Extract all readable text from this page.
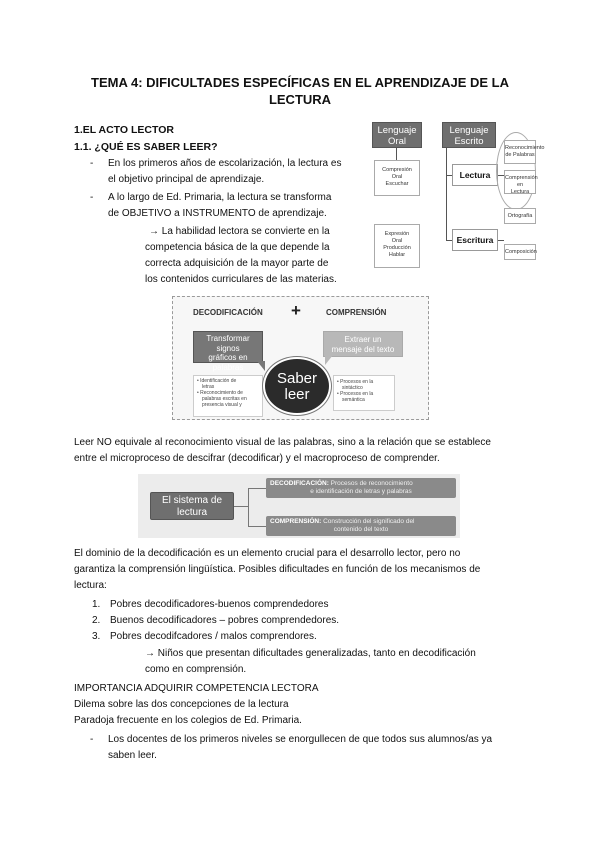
TEMA 4: DIFICULTADES ESPECÍFICAS EN EL APRENDIZAJE DE LA
LECTURA
1.EL ACTO LECTOR
1.1. ¿QUÉ ES SABER LEER?
- En los primeros años de escolarización, la lectura es
el objetivo principal de aprendizaje.
- A lo largo de Ed. Primaria, la lectura se transforma
de OBJETIVO a INSTRUMENTO de aprendizaje.
→ La habilidad lectora se convierte en la
competencia básica de la que depende la
correcta adquisición de la mayor parte de
los contenidos curriculares de las materias.
Lenguaje
Oral
Lenguaje
Escrito
Compresión
Oral
Escuchar
Expresión
Oral
Producción
Hablar
Lectura
Escritura
Reconocimiento
de Palabras
Comprensión en
Lectura
Ortografía
Composición
DECODIFICACIÓN +	COMPRENSIÓN
Transformar signos
gráficos en
palabras
Extraer un
mensaje del texto
• Identificación de
letras
• Reconocimiento de
palabras escritas en
presencia visual y
Saber
leer
• Procesos en la
sintáctico
• Procesos en la
semántica
Leer NO equivale al reconocimiento visual de las palabras, sino a la relación que se establece
entre el microproceso de descifrar (decodificar) y el macroproceso de comprender.
El sistema de
lectura
DECODIFICACIÓN: Procesos de reconocimiento
e identificación de letras y palabras
COMPRENSIÓN: Construcción del significado del
contenido del texto
El dominio de la decodificación es un elemento crucial para el desarrollo lector, pero no
garantiza la comprensión lingüística. Posibles dificultades en función de los mecanismos de
lectura:
1. Pobres decodificadores-buenos comprendedores
2. Buenos decodificadores – pobres comprendedores.
3. Pobres decodifcadores / malos comprendores.
→ Niños que presentan dificultades generalizadas, tanto en decodificación
como en comprensión.
IMPORTANCIA ADQUIRIR COMPETENCIA LECTORA
Dilema sobre las dos concepciones de la lectura
Paradoja frecuente en los colegios de Ed. Primaria.
- Los docentes de los primeros niveles se enorgullecen de que todos sus alumnos/as ya
saben leer.
